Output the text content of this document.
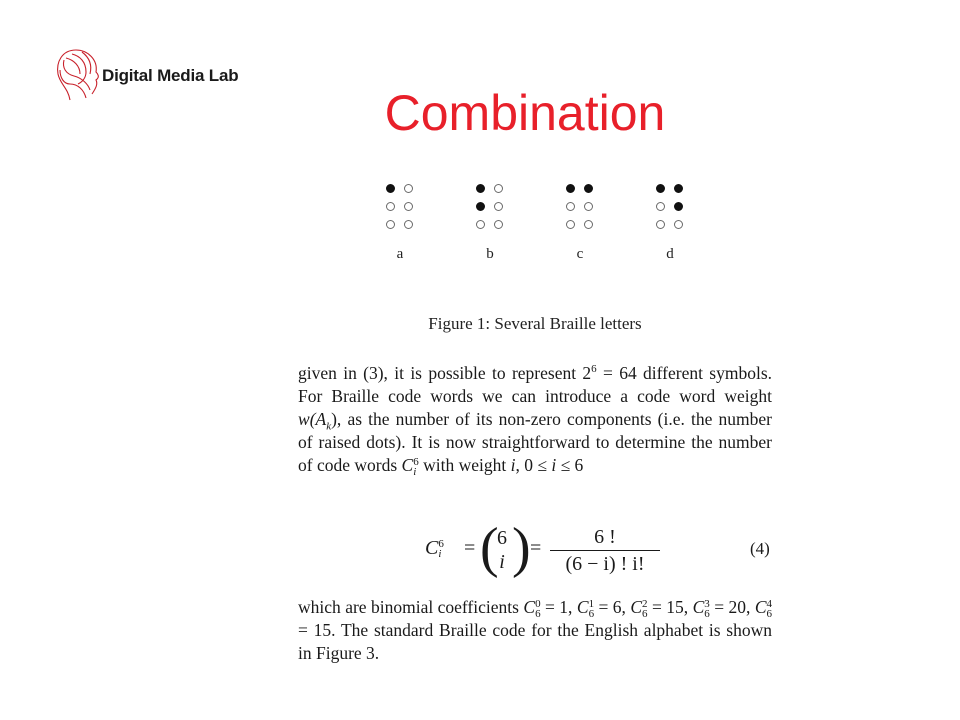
Digital Media Lab
Combination
a	b	c	d
Figure 1: Several Braille letters

given in (3), it is possible to represent $2^6 = 64$ different symbols. For Braille code words we can introduce a code word weight $w(A_k)$, as the number of its non-zero components (i.e. the number of raised dots). It is now straightforward to determine the number of code words C6
i with weight i, 0 ≤ i ≤ 6

C6
i = (
6
i ) =	6 !
(6 − i) ! i!
(4)

which are binomial coefficients C0
6 = 1, C1
6 = 6, C2
6 = 15, C3
6 = 20, C4
6 = 15. The standard Braille code for the English alphabet is shown in Figure 3.
